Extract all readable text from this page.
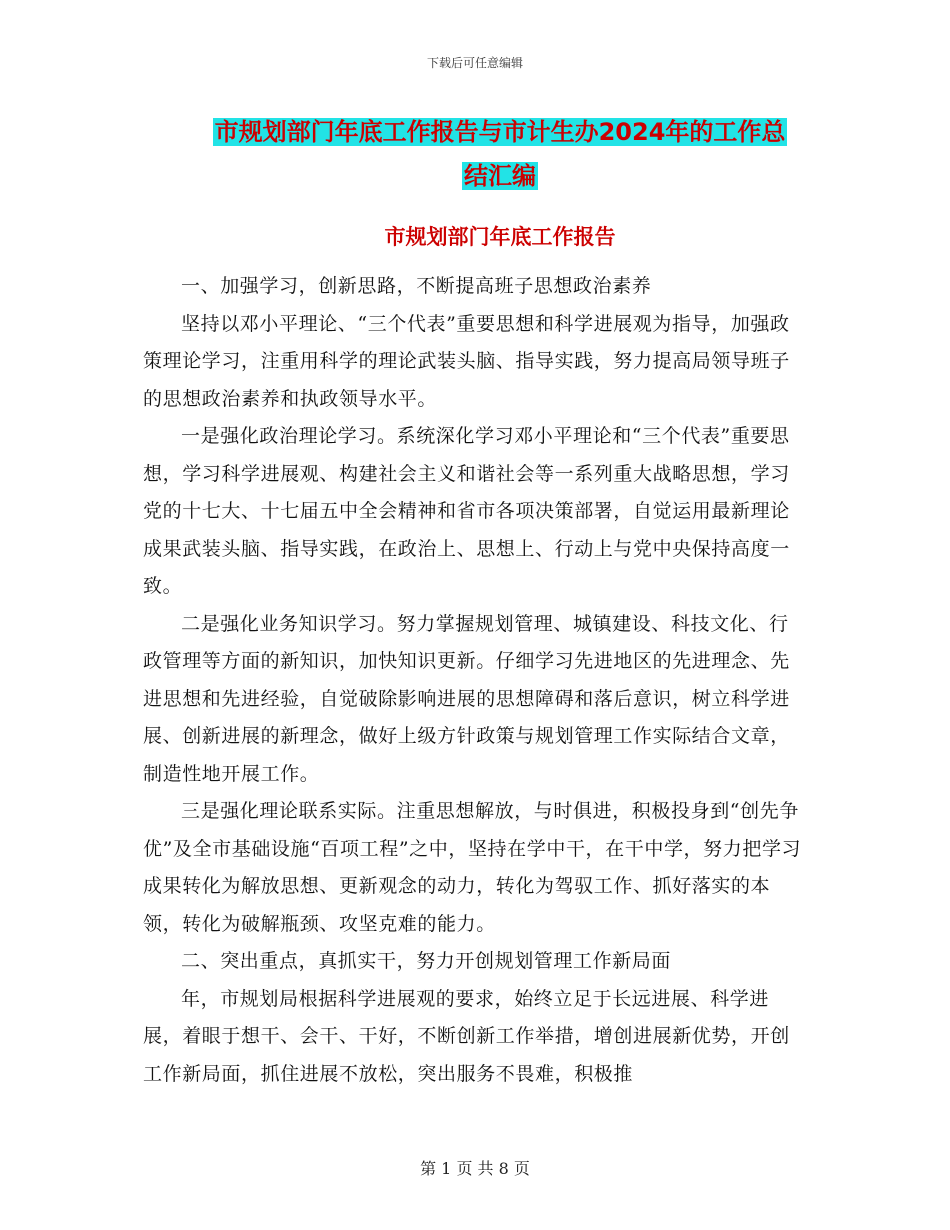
下载后可任意编辑
市规划部门年底工作报告与市计生办2024年的工作总
结汇编
市规划部门年底工作报告

一、加强学习，创新思路，不断提高班子思想政治素养

坚持以邓小平理论、“三个代表”重要思想和科学进展观为指导，加强政策理论学习，注重用科学的理论武装头脑、指导实践，努力提高局领导班子的思想政治素养和执政领导水平。

一是强化政治理论学习。系统深化学习邓小平理论和“三个代表”重要思想，学习科学进展观、构建社会主义和谐社会等一系列重大战略思想，学习党的十七大、十七届五中全会精神和省市各项决策部署，自觉运用最新理论成果武装头脑、指导实践，在政治上、思想上、行动上与党中央保持高度一致。

二是强化业务知识学习。努力掌握规划管理、城镇建设、科技文化、行政管理等方面的新知识，加快知识更新。仔细学习先进地区的先进理念、先进思想和先进经验，自觉破除影响进展的思想障碍和落后意识，树立科学进展、创新进展的新理念，做好上级方针政策与规划管理工作实际结合文章，制造性地开展工作。

三是强化理论联系实际。注重思想解放，与时俱进，积极投身到“创先争优”及全市基础设施“百项工程”之中，坚持在学中干，在干中学，努力把学习成果转化为解放思想、更新观念的动力，转化为驾驭工作、抓好落实的本领，转化为破解瓶颈、攻坚克难的能力。

二、突出重点，真抓实干，努力开创规划管理工作新局面

年，市规划局根据科学进展观的要求，始终立足于长远进展、科学进展，着眼于想干、会干、干好，不断创新工作举措，增创进展新优势，开创工作新局面，抓住进展不放松，突出服务不畏难，积极推

第 1 页 共 8 页
